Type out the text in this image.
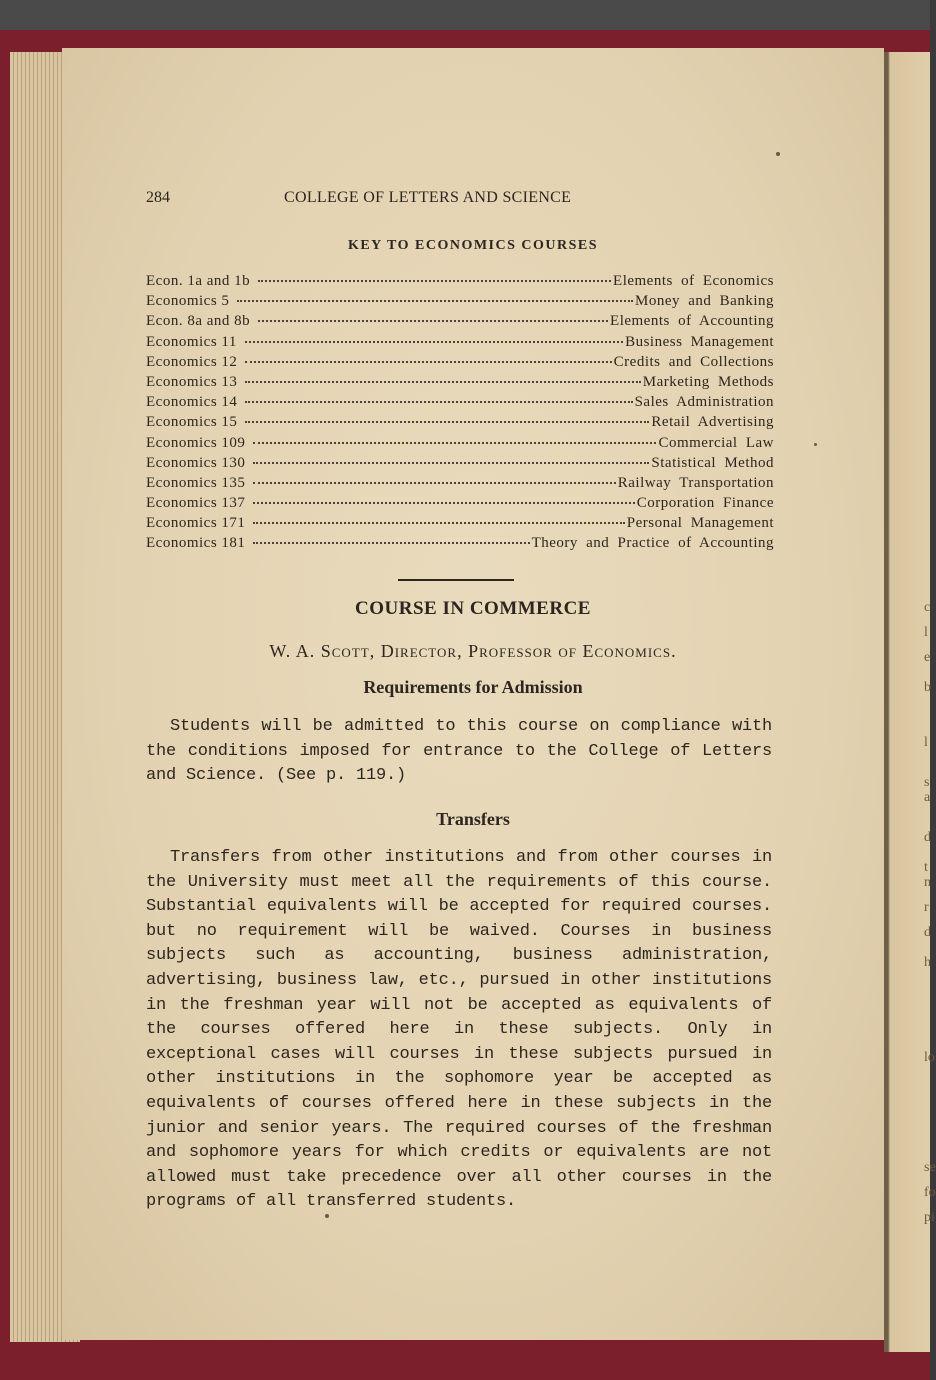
c
l
e
b
l
s
a
d
t
n
r
d
h
lo
se
fo
pi
284	COLLEGE OF LETTERS AND SCIENCE
KEY TO ECONOMICS COURSES
Econ. 1a and 1b	Elements of Economics
Economics 5	Money and Banking
Econ. 8a and 8b	Elements of Accounting
Economics 11	Business Management
Economics 12	Credits and Collections
Economics 13	Marketing Methods
Economics 14	Sales Administration
Economics 15	Retail Advertising
Economics 109	Commercial Law
Economics 130	Statistical Method
Economics 135	Railway Transportation
Economics 137	Corporation Finance
Economics 171	Personal Management
Economics 181	Theory and Practice of Accounting
COURSE IN COMMERCE
W. A. Scott, Director, Professor of Economics.
Requirements for Admission
Students will be admitted to this course on compliance with the conditions imposed for entrance to the College of Letters and Science. (See p. 119.)
Transfers
Transfers from other institutions and from other courses in the University must meet all the requirements of this course. Substantial equivalents will be accepted for required courses. but no requirement will be waived. Courses in business subjects such as accounting, business administration, advertising, business law, etc., pursued in other institutions in the freshman year will not be accepted as equivalents of the courses offered here in these subjects. Only in exceptional cases will courses in these subjects pursued in other institutions in the sophomore year be accepted as equivalents of courses offered here in these subjects in the junior and senior years. The required courses of the freshman and sophomore years for which credits or equivalents are not allowed must take precedence over all other courses in the programs of all transferred students.
